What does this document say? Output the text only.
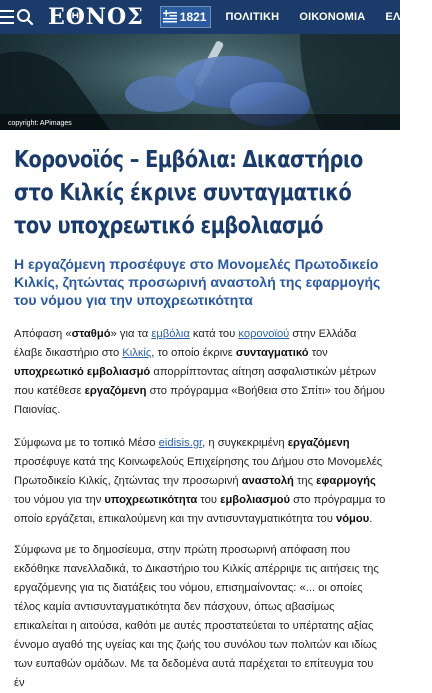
ΕΘΝΟΣ	1821 ΠΟΛΙΤΙΚΗ ΟΙΚΟΝΟΜΙΑ ΕΛΛΑΔΑ
copyright: APimages
Κορονοϊός – Εμβόλια: Δικαστήριο στο Κιλκίς έκρινε συνταγματικό τον υποχρεωτικό εμβολιασμό
Η εργαζόμενη προσέφυγε στο Μονομελές Πρωτοδικείο Κιλκίς, ζητώντας προσωρινή αναστολή της εφαρμογής του νόμου για την υποχρεωτικότητα

Απόφαση «σταθμό» για τα εμβόλια κατά του κορονοϊού στην Ελλάδα έλαβε δικαστήριο στο Κιλκίς, το οποίο έκρινε συνταγματικό τον υποχρεωτικό εμβολιασμό απορρίπτοντας αίτηση ασφαλιστικών μέτρων που κατέθεσε εργαζόμενη στο πρόγραμμα «Βοήθεια στο Σπίτι» του δήμου Παιονίας.

Σύμφωνα με το τοπικό Μέσο eidisis.gr, η συγκεκριμένη εργαζόμενη προσέφυγε κατά της Κοινωφελούς Επιχείρησης του Δήμου στο Μονομελές Πρωτοδικείο Κιλκίς, ζητώντας την προσωρινή αναστολή της εφαρμογής του νόμου για την υποχρεωτικότητα του εμβολιασμού στο πρόγραμμα το οποίο εργάζεται, επικαλούμενη και την αντισυνταγματικότητα του νόμου.

Σύμφωνα με το δημοσίευμα, στην πρώτη προσωρινή απόφαση που εκδόθηκε πανελλαδικά, το Δικαστήριο του Κιλκίς απέρριψε τις αιτήσεις της εργαζόμενης για τις διατάξεις του νόμου, επισημαίνοντας: «... οι οποίες τέλος καμία αντισυνταγματικότητα δεν πάσχουν, όπως αβασίμως επικαλείται η αιτούσα, καθότι με αυτές προστατεύεται το υπέρτατης αξίας έννομο αγαθό της υγείας και της ζωής του συνόλου των πολιτών και ιδίως των ευπαθών ομάδων. Με τα δεδομένα αυτά παρέχεται το επίτευγμα του έν
